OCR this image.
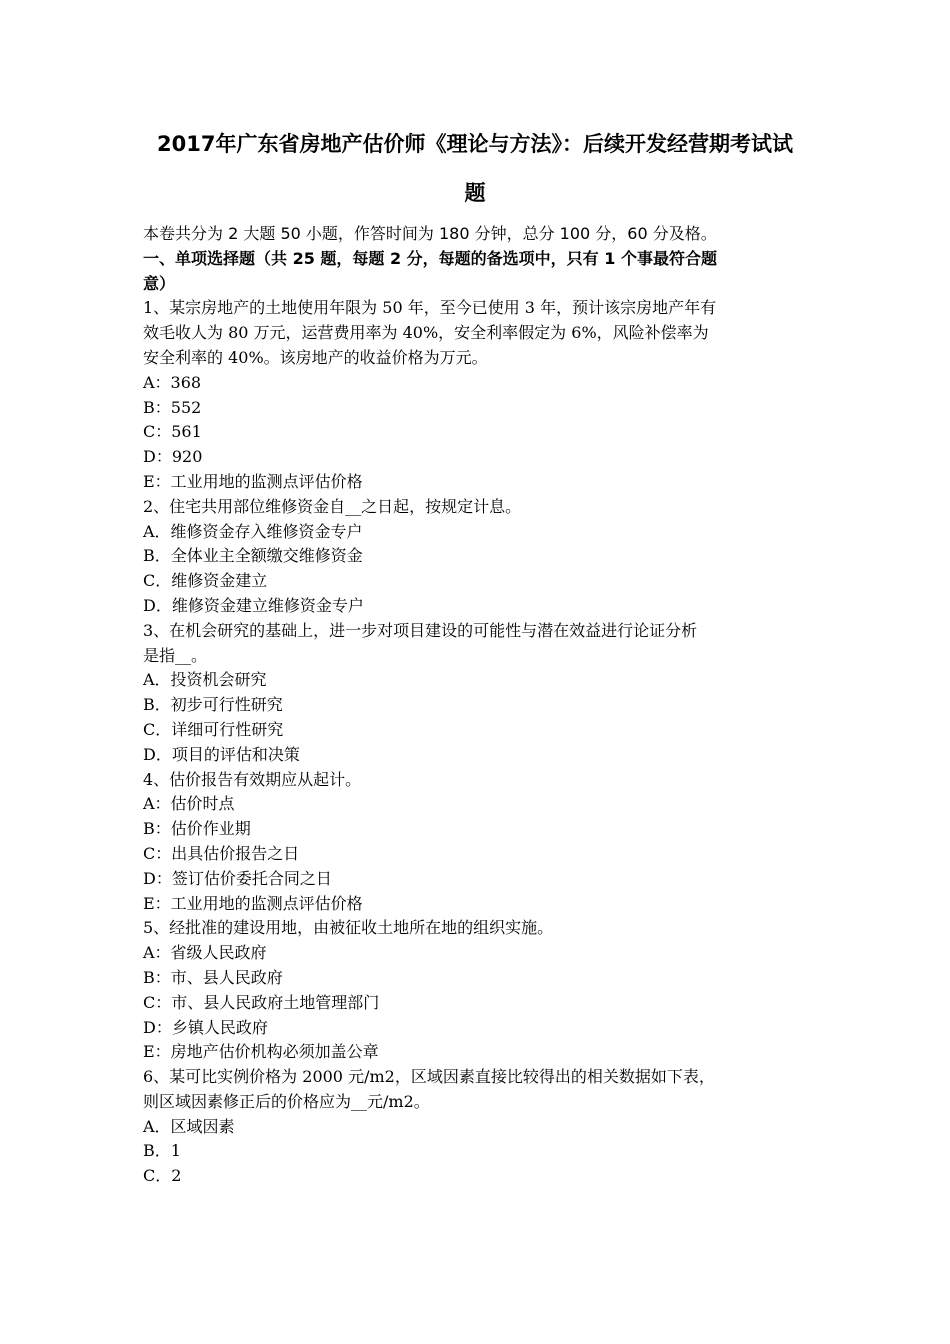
2017年广东省房地产估价师《理论与方法》：后续开发经营期考试试
题
本卷共分为 2 大题 50 小题，作答时间为 180 分钟，总分 100 分，60 分及格。
一、单项选择题（共 25 题，每题 2 分，每题的备选项中，只有 1 个事最符合题
意）
1、某宗房地产的土地使用年限为 50 年，至今已使用 3 年，预计该宗房地产年有
效毛收人为 80 万元，运营费用率为 40%，安全利率假定为 6%，风险补偿率为
安全利率的 40%。该房地产的收益价格为万元。
A：368
B：552
C：561
D：920
E：工业用地的监测点评估价格
2、住宅共用部位维修资金自__之日起，按规定计息。
A．维修资金存入维修资金专户
B．全体业主全额缴交维修资金
C．维修资金建立
D．维修资金建立维修资金专户
3、在机会研究的基础上，进一步对项目建设的可能性与潜在效益进行论证分析
是指__。
A．投资机会研究
B．初步可行性研究
C．详细可行性研究
D．项目的评估和决策
4、估价报告有效期应从起计。
A：估价时点
B：估价作业期
C：出具估价报告之日
D：签订估价委托合同之日
E：工业用地的监测点评估价格
5、经批准的建设用地，由被征收土地所在地的组织实施。
A：省级人民政府
B：市、县人民政府
C：市、县人民政府土地管理部门
D：乡镇人民政府
E：房地产估价机构必须加盖公章
6、某可比实例价格为 2000 元/m2，区域因素直接比较得出的相关数据如下表，
则区域因素修正后的价格应为__元/m2。
A．区域因素
B．1
C．2
